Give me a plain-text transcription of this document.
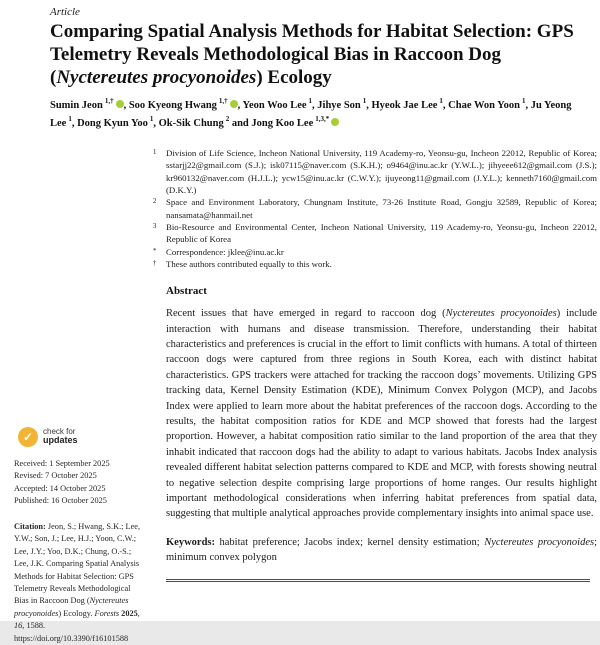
Article
Comparing Spatial Analysis Methods for Habitat Selection: GPS Telemetry Reveals Methodological Bias in Raccoon Dog (Nyctereutes procyonoides) Ecology
Sumin Jeon $^{1,\dagger}$ , Soo Kyeong Hwang $^{1,\dagger}$ , Yeon Woo Lee $^1$, Jihye Son $^1$, Hyeok Jae Lee $^1$, Chae Won Yoon $^1$, Ju Yeong Lee $^1$, Dong Kyun Yoo $^1$, Ok-Sik Chung $^2$ and Jong Koo Lee $^{1,3,*}$
1	Division of Life Science, Incheon National University, 119 Academy-ro, Yeonsu-gu, Incheon 22012, Republic of Korea; sstarjj22@gmail.com (S.J.); isk07115@naver.com (S.K.H.); o9464@inu.ac.kr (Y.W.L.); jihyeee612@gmail.com (J.S.); kr960132@naver.com (H.J.L.); ycw15@inu.ac.kr (C.W.Y.); ijuyeong11@gmail.com (J.Y.L.); kenneth7160@gmail.com (D.K.Y.)
2	Space and Environment Laboratory, Chungnam Institute, 73-26 Institute Road, Gongju 32589, Republic of Korea; nansamata@hanmail.net
3	Bio-Resource and Environmental Center, Incheon National University, 119 Academy-ro, Yeonsu-gu, Incheon 22012, Republic of Korea
*	Correspondence: jklee@inu.ac.kr
†	These authors contributed equally to this work.
Abstract

Recent issues that have emerged in regard to raccoon dog (Nyctereutes procyonoides) include interaction with humans and disease transmission. Therefore, understanding their habitat characteristics and preferences is crucial in the effort to limit conflicts with humans. A total of thirteen raccoon dogs were captured from three regions in South Korea, each with distinct habitat characteristics. GPS trackers were attached for tracking the raccoon dogs’ movements. Utilizing GPS tracking data, Kernel Density Estimation (KDE), Minimum Convex Polygon (MCP), and Jacobs Index were applied to learn more about the habitat preferences of the raccoon dogs. According to the results, the habitat composition ratios for KDE and MCP showed that forests had the largest proportion. However, a habitat composition ratio similar to the land proportion of the area that they inhabit indicated that raccoon dogs had the ability to adapt to various habitats. Jacobs Index analysis revealed different habitat selection patterns compared to KDE and MCP, with forests showing neutral to negative selection despite comprising large proportions of home ranges. Our results highlight important methodological considerations when inferring habitat preferences from spatial data, suggesting that multiple analytical approaches provide complementary insights into animal space use.

Keywords: habitat preference; Jacobs index; kernel density estimation; Nyctereutes procyonoides; minimum convex polygon

✓
check for
updates
Received: 1 September 2025
Revised: 7 October 2025
Accepted: 14 October 2025
Published: 16 October 2025
Citation: Jeon, S.; Hwang, S.K.; Lee, Y.W.; Son, J.; Lee, H.J.; Yoon, C.W.; Lee, J.Y.; Yoo, D.K.; Chung, O.-S.; Lee, J.K. Comparing Spatial Analysis Methods for Habitat Selection: GPS Telemetry Reveals Methodological Bias in Raccoon Dog (Nyctereutes procyonoides) Ecology. Forests 2025, 16, 1588. https://doi.org/10.3390/f16101588
